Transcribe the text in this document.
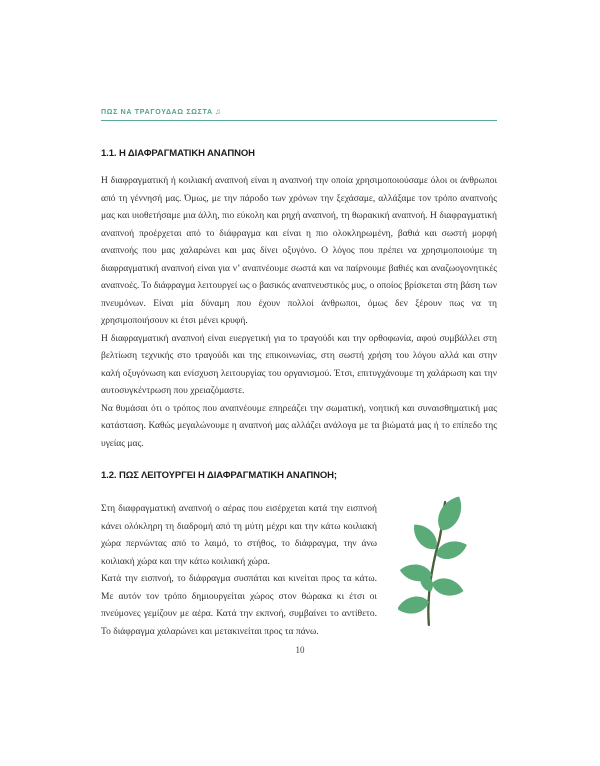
ΠΩΣ ΝΑ ΤΡΑΓΟΥΔΑΩ ΣΩΣΤΑ ♫
1.1. Η ΔΙΑΦΡΑΓΜΑΤΙΚΗ ΑΝΑΠΝΟΗ

Η διαφραγματική ή κοιλιακή αναπνοή είναι η αναπνοή την οποία χρησιμοποιούσαμε όλοι οι άνθρωποι από τη γέννησή μας. Όμως, με την πάροδο των χρόνων την ξεχάσαμε, αλλάξαμε τον τρόπο αναπνοής μας και υιοθετήσαμε μια άλλη, πιο εύκολη και ρηχή αναπνοή, τη θωρακική αναπνοή. Η διαφραγματική αναπνοή προέρχεται από το διάφραγμα και είναι η πιο ολοκληρωμένη, βαθιά και σωστή μορφή αναπνοής που μας χαλαρώνει και μας δίνει οξυγόνο. Ο λόγος που πρέπει να χρησιμοποιούμε τη διαφραγματική αναπνοή είναι για ν’ αναπνέουμε σωστά και να παίρνουμε βαθιές και αναζωογονητικές αναπνοές. Το διάφραγμα λειτουργεί ως ο βασικός αναπνευστικός μυς, ο οποίος βρίσκεται στη βάση των πνευμόνων. Είναι μία δύναμη που έχουν πολλοί άνθρωποι, όμως δεν ξέρουν πως να τη χρησιμοποιήσουν κι έτσι μένει κρυφή.

Η διαφραγματική αναπνοή είναι ευεργετική για το τραγούδι και την ορθοφωνία, αφού συμβάλλει στη βελτίωση τεχνικής στο τραγούδι και της επικοινωνίας, στη σωστή χρήση του λόγου αλλά και στην καλή οξυγόνωση και ενίσχυση λειτουργίας του οργανισμού. Έτσι, επιτυγχάνουμε τη χαλάρωση και την αυτοσυγκέντρωση που χρειαζόμαστε.

Να θυμάσαι ότι ο τρόπος που αναπνέουμε επηρεάζει την σωματική, νοητική και συναισθηματική μας κατάσταση. Καθώς μεγαλώνουμε η αναπνοή μας αλλάζει ανάλογα με τα βιώματά μας ή το επίπεδο της υγείας μας.

1.2. ΠΩΣ ΛΕΙΤΟΥΡΓΕΙ Η ΔΙΑΦΡΑΓΜΑΤΙΚΗ ΑΝΑΠΝΟΗ;

Στη διαφραγματική αναπνοή ο αέρας που εισέρχεται κατά την εισπνοή κάνει ολόκληρη τη διαδρομή από τη μύτη μέχρι και την κάτω κοιλιακή χώρα περνώντας από το λαιμό, το στήθος, το διάφραγμα, την άνω κοιλιακή χώρα και την κάτω κοιλιακή χώρα.

Κατά την εισπνοή, το διάφραγμα συσπάται και κινείται προς τα κάτω. Με αυτόν τον τρόπο δημιουργείται χώρος στον θώρακα κι έτσι οι πνεύμονες γεμίζουν με αέρα. Κατά την εκπνοή, συμβαίνει το αντίθετο. Το διάφραγμα χαλαρώνει και μετακινείται προς τα πάνω.

10
